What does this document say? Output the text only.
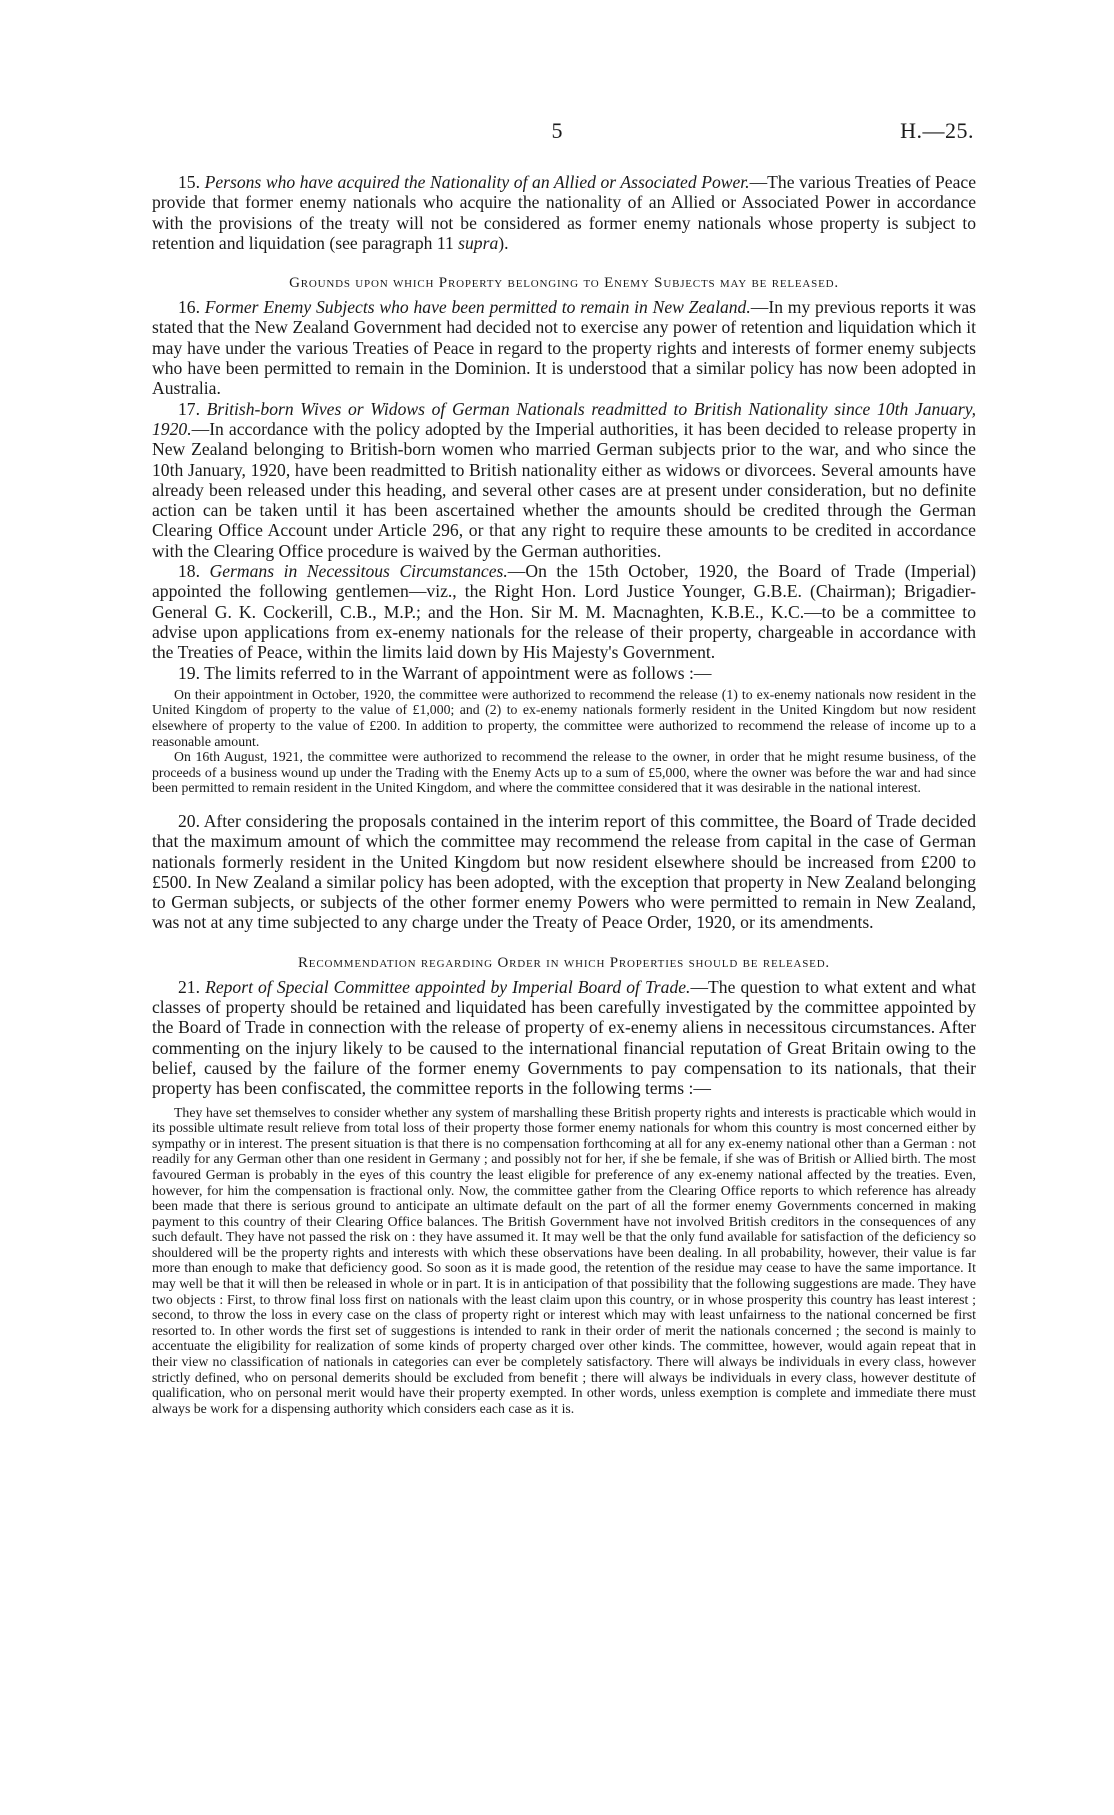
5	H.—25.

15. Persons who have acquired the Nationality of an Allied or Associated Power.—The various Treaties of Peace provide that former enemy nationals who acquire the nationality of an Allied or Associated Power in accordance with the provisions of the treaty will not be considered as former enemy nationals whose property is subject to retention and liquidation (see paragraph 11 supra).

Grounds upon which Property belonging to Enemy Subjects may be released.

16. Former Enemy Subjects who have been permitted to remain in New Zealand.—In my previous reports it was stated that the New Zealand Government had decided not to exercise any power of retention and liquidation which it may have under the various Treaties of Peace in regard to the property rights and interests of former enemy subjects who have been permitted to remain in the Dominion. It is understood that a similar policy has now been adopted in Australia.

17. British-born Wives or Widows of German Nationals readmitted to British Nationality since 10th January, 1920.—In accordance with the policy adopted by the Imperial authorities, it has been decided to release property in New Zealand belonging to British-born women who married German subjects prior to the war, and who since the 10th January, 1920, have been readmitted to British nationality either as widows or divorcees. Several amounts have already been released under this heading, and several other cases are at present under consideration, but no definite action can be taken until it has been ascertained whether the amounts should be credited through the German Clearing Office Account under Article 296, or that any right to require these amounts to be credited in accordance with the Clearing Office procedure is waived by the German authorities.

18. Germans in Necessitous Circumstances.—On the 15th October, 1920, the Board of Trade (Imperial) appointed the following gentlemen—viz., the Right Hon. Lord Justice Younger, G.B.E. (Chairman); Brigadier-General G. K. Cockerill, C.B., M.P.; and the Hon. Sir M. M. Macnaghten, K.B.E., K.C.—to be a committee to advise upon applications from ex-enemy nationals for the release of their property, chargeable in accordance with the Treaties of Peace, within the limits laid down by His Majesty's Government.

19. The limits referred to in the Warrant of appointment were as follows :—

On their appointment in October, 1920, the committee were authorized to recommend the release (1) to ex-enemy nationals now resident in the United Kingdom of property to the value of £1,000; and (2) to ex-enemy nationals formerly resident in the United Kingdom but now resident elsewhere of property to the value of £200. In addition to property, the committee were authorized to recommend the release of income up to a reasonable amount.

On 16th August, 1921, the committee were authorized to recommend the release to the owner, in order that he might resume business, of the proceeds of a business wound up under the Trading with the Enemy Acts up to a sum of £5,000, where the owner was before the war and had since been permitted to remain resident in the United Kingdom, and where the committee considered that it was desirable in the national interest.

20. After considering the proposals contained in the interim report of this committee, the Board of Trade decided that the maximum amount of which the committee may recommend the release from capital in the case of German nationals formerly resident in the United Kingdom but now resident elsewhere should be increased from £200 to £500. In New Zealand a similar policy has been adopted, with the exception that property in New Zealand belonging to German subjects, or subjects of the other former enemy Powers who were permitted to remain in New Zealand, was not at any time subjected to any charge under the Treaty of Peace Order, 1920, or its amendments.

Recommendation regarding Order in which Properties should be released.

21. Report of Special Committee appointed by Imperial Board of Trade.—The question to what extent and what classes of property should be retained and liquidated has been carefully investigated by the committee appointed by the Board of Trade in connection with the release of property of ex-enemy aliens in necessitous circumstances. After commenting on the injury likely to be caused to the international financial reputation of Great Britain owing to the belief, caused by the failure of the former enemy Governments to pay compensation to its nationals, that their property has been confiscated, the committee reports in the following terms :—

They have set themselves to consider whether any system of marshalling these British property rights and interests is practicable which would in its possible ultimate result relieve from total loss of their property those former enemy nationals for whom this country is most concerned either by sympathy or in interest. The present situation is that there is no compensation forthcoming at all for any ex-enemy national other than a German : not readily for any German other than one resident in Germany ; and possibly not for her, if she be female, if she was of British or Allied birth. The most favoured German is probably in the eyes of this country the least eligible for preference of any ex-enemy national affected by the treaties. Even, however, for him the compensation is fractional only. Now, the committee gather from the Clearing Office reports to which reference has already been made that there is serious ground to anticipate an ultimate default on the part of all the former enemy Governments concerned in making payment to this country of their Clearing Office balances. The British Government have not involved British creditors in the consequences of any such default. They have not passed the risk on : they have assumed it. It may well be that the only fund available for satisfaction of the deficiency so shouldered will be the property rights and interests with which these observations have been dealing. In all probability, however, their value is far more than enough to make that deficiency good. So soon as it is made good, the retention of the residue may cease to have the same importance. It may well be that it will then be released in whole or in part. It is in anticipation of that possibility that the following suggestions are made. They have two objects : First, to throw final loss first on nationals with the least claim upon this country, or in whose prosperity this country has least interest ; second, to throw the loss in every case on the class of property right or interest which may with least unfairness to the national concerned be first resorted to. In other words the first set of suggestions is intended to rank in their order of merit the nationals concerned ; the second is mainly to accentuate the eligibility for realization of some kinds of property charged over other kinds. The committee, however, would again repeat that in their view no classification of nationals in categories can ever be completely satisfactory. There will always be individuals in every class, however strictly defined, who on personal demerits should be excluded from benefit ; there will always be individuals in every class, however destitute of qualification, who on personal merit would have their property exempted. In other words, unless exemption is complete and immediate there must always be work for a dispensing authority which considers each case as it is.
